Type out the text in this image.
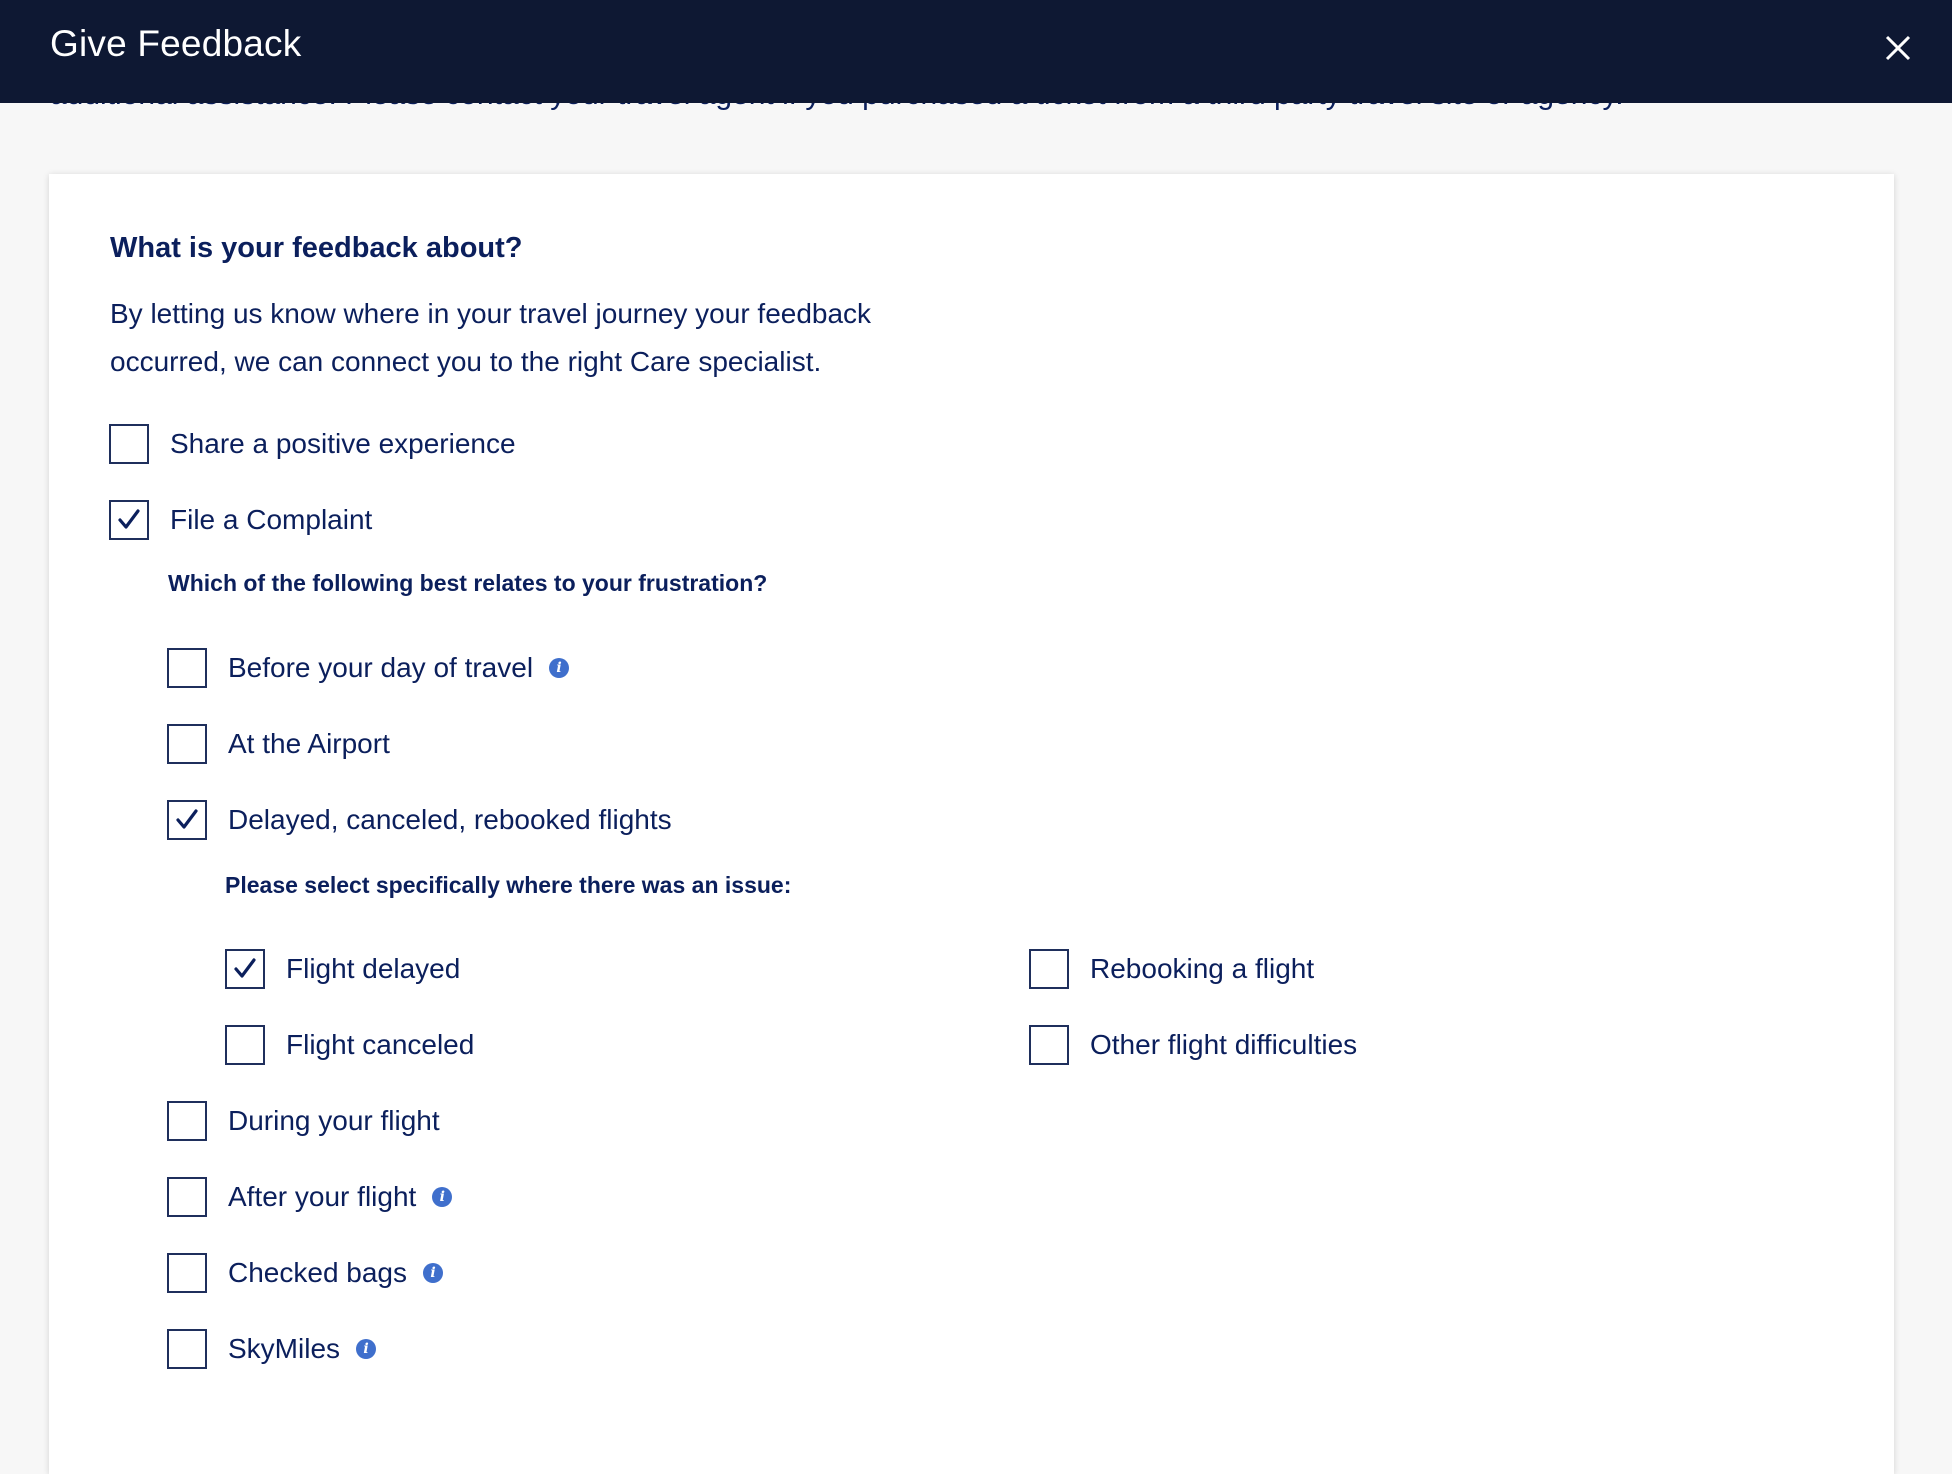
Give Feedback
What is your feedback about?
By letting us know where in your travel journey your feedback occurred, we can connect you to the right Care specialist.
Share a positive experience
File a Complaint
Which of the following best relates to your frustration?
Before your day of travel	i
At the Airport
Delayed, canceled, rebooked flights
Please select specifically where there was an issue:
Flight delayed
Flight canceled
Rebooking a flight
Other flight difficulties
During your flight
After your flight	i
Checked bags	i
SkyMiles	i
